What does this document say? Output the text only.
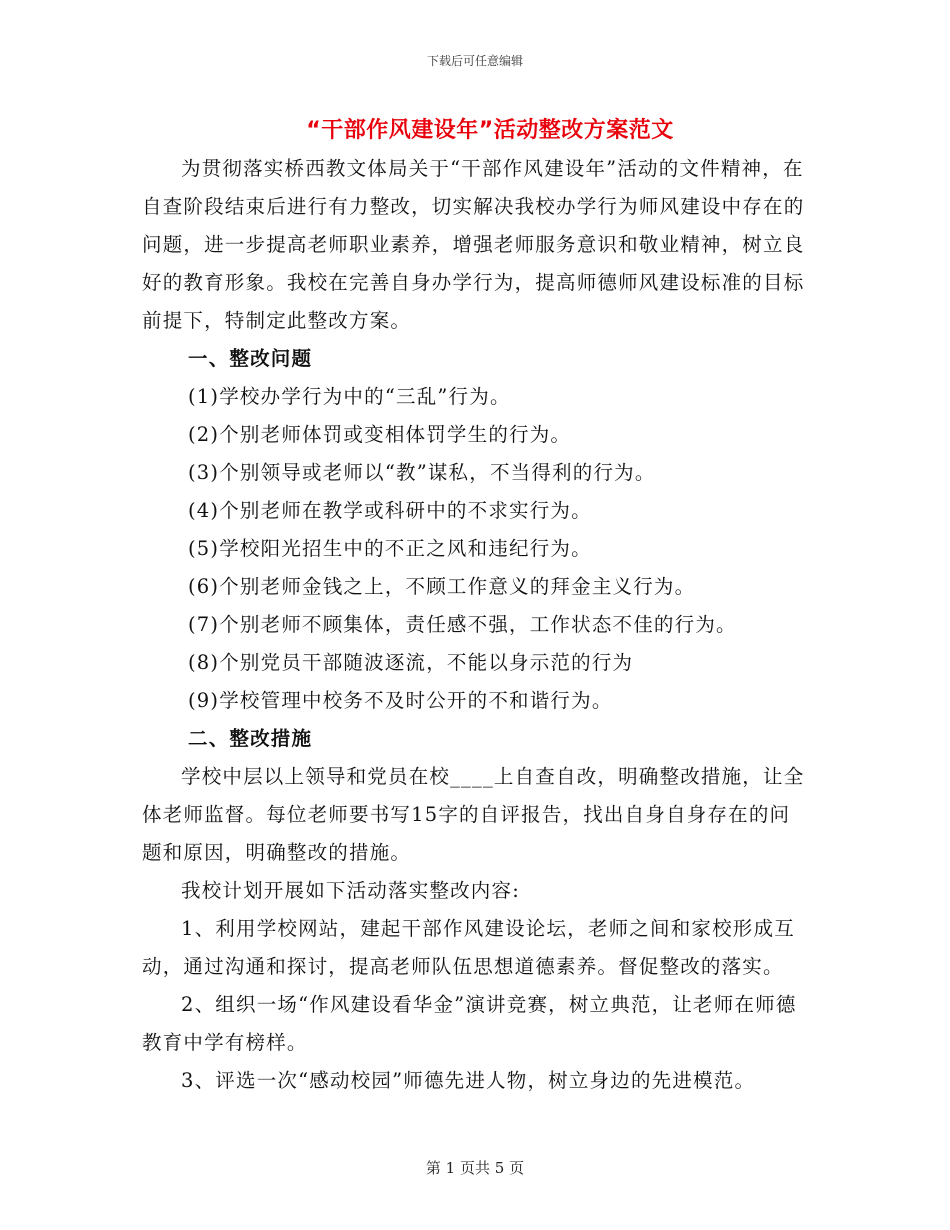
下载后可任意编辑
“干部作风建设年”活动整改方案范文

为贯彻落实桥西教文体局关于“干部作风建设年”活动的文件精神，在自查阶段结束后进行有力整改，切实解决我校办学行为师风建设中存在的问题，进一步提高老师职业素养，增强老师服务意识和敬业精神，树立良好的教育形象。我校在完善自身办学行为，提高师德师风建设标准的目标前提下，特制定此整改方案。

一、整改问题

(1)学校办学行为中的“三乱”行为。

(2)个别老师体罚或变相体罚学生的行为。

(3)个别领导或老师以“教”谋私，不当得利的行为。

(4)个别老师在教学或科研中的不求实行为。

(5)学校阳光招生中的不正之风和违纪行为。

(6)个别老师金钱之上，不顾工作意义的拜金主义行为。

(7)个别老师不顾集体，责任感不强，工作状态不佳的行为。

(8)个别党员干部随波逐流，不能以身示范的行为

(9)学校管理中校务不及时公开的不和谐行为。

二、整改措施

学校中层以上领导和党员在校____上自查自改，明确整改措施，让全体老师监督。每位老师要书写15字的自评报告，找出自身自身存在的问题和原因，明确整改的措施。

我校计划开展如下活动落实整改内容:

1、利用学校网站，建起干部作风建设论坛，老师之间和家校形成互动，通过沟通和探讨，提高老师队伍思想道德素养。督促整改的落实。

2、组织一场“作风建设看华金”演讲竞赛，树立典范，让老师在师德教育中学有榜样。

3、评选一次“感动校园”师德先进人物，树立身边的先进模范。

第 1 页共 5 页
